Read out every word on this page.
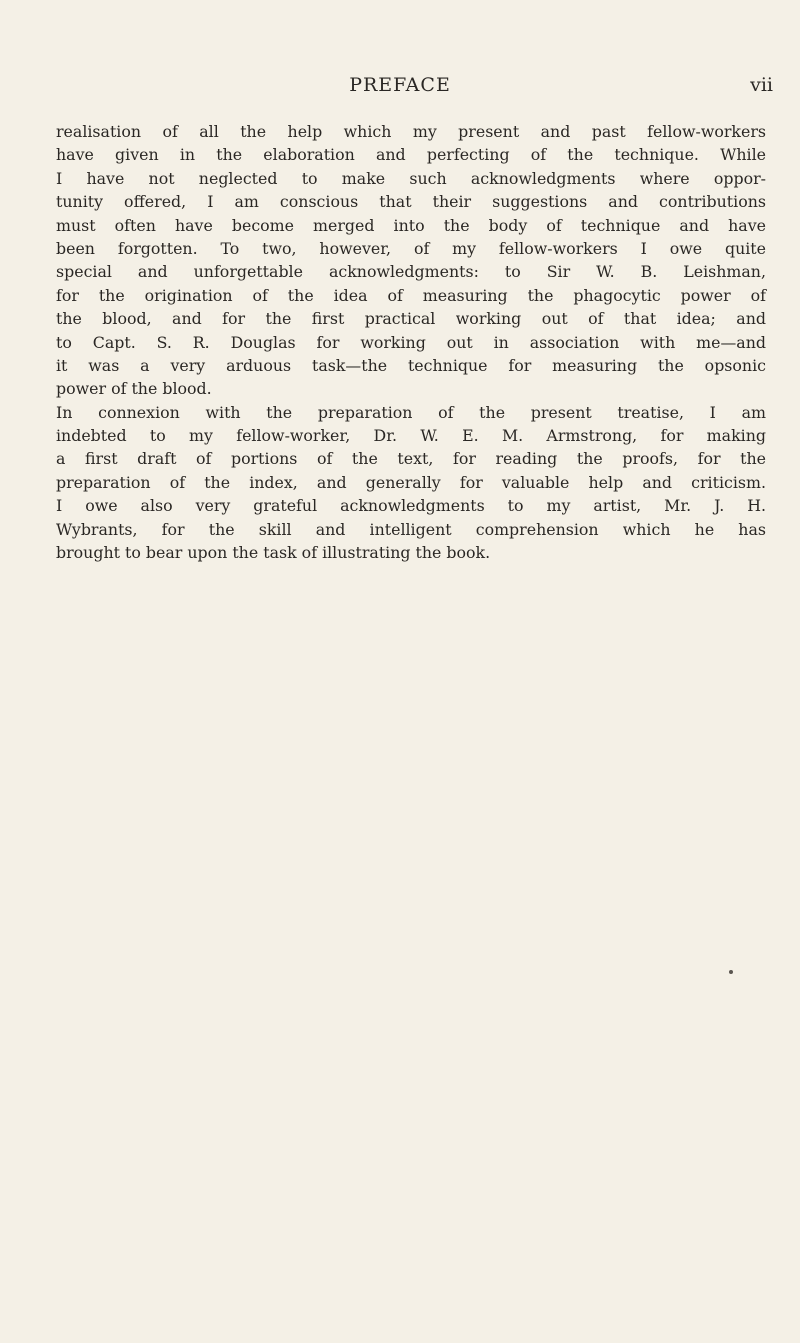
PREFACE	vii
realisation of all the help which my present and past fellow-workers
have given in the elaboration and perfecting of the technique. While
I have not neglected to make such acknowledgments where oppor-
tunity offered, I am conscious that their suggestions and contributions
must often have become merged into the body of technique and have
been forgotten. To two, however, of my fellow-workers I owe quite
special and unforgettable acknowledgments: to Sir W. B. Leishman,
for the origination of the idea of measuring the phagocytic power of
the blood, and for the first practical working out of that idea; and
to Capt. S. R. Douglas for working out in association with me—and
it was a very arduous task—the technique for measuring the opsonic
power of the blood.
In connexion with the preparation of the present treatise, I am
indebted to my fellow-worker, Dr. W. E. M. Armstrong, for making
a first draft of portions of the text, for reading the proofs, for the
preparation of the index, and generally for valuable help and criticism.
I owe also very grateful acknowledgments to my artist, Mr. J. H.
Wybrants, for the skill and intelligent comprehension which he has
brought to bear upon the task of illustrating the book.
